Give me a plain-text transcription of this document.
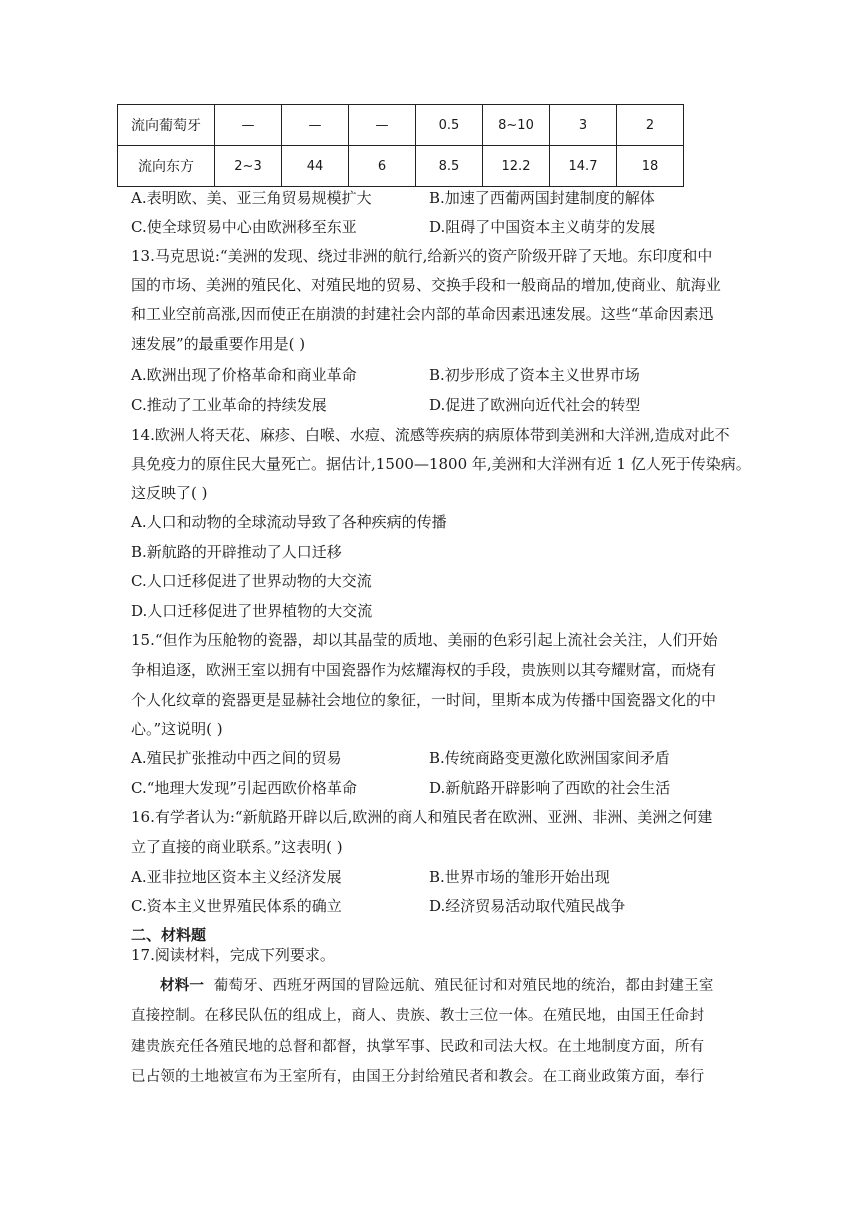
流向葡萄牙	—	—	—	0.5	8~10	3	2
流向东方	2~3	44	6	8.5	12.2	14.7	18
A.表明欧、美、亚三角贸易规模扩大	B.加速了西葡两国封建制度的解体
C.使全球贸易中心由欧洲移至东亚	D.阻碍了中国资本主义萌芽的发展
13.马克思说:“美洲的发现、绕过非洲的航行,给新兴的资产阶级开辟了天地。东印度和中
国的市场、美洲的殖民化、对殖民地的贸易、交换手段和一般商品的增加,使商业、航海业
和工业空前高涨,因而使正在崩溃的封建社会内部的革命因素迅速发展。这些“革命因素迅
速发展”的最重要作用是( )
A.欧洲出现了价格革命和商业革命	B.初步形成了资本主义世界市场
C.推动了工业革命的持续发展	D.促进了欧洲向近代社会的转型
14.欧洲人将天花、麻疹、白喉、水痘、流感等疾病的病原体带到美洲和大洋洲,造成对此不
具免疫力的原住民大量死亡。据估计,1500—1800 年,美洲和大洋洲有近 1 亿人死于传染病。
这反映了( )
A.人口和动物的全球流动导致了各种疾病的传播
B.新航路的开辟推动了人口迁移
C.人口迁移促进了世界动物的大交流
D.人口迁移促进了世界植物的大交流
15.“但作为压舱物的瓷器，却以其晶莹的质地、美丽的色彩引起上流社会关注，人们开始
争相追逐，欧洲王室以拥有中国瓷器作为炫耀海权的手段，贵族则以其夸耀财富，而烧有
个人化纹章的瓷器更是显赫社会地位的象征，一时间，里斯本成为传播中国瓷器文化的中
心。”这说明( )
A.殖民扩张推动中西之间的贸易	B.传统商路变更激化欧洲国家间矛盾
C.“地理大发现”引起西欧价格革命	D.新航路开辟影响了西欧的社会生活
16.有学者认为:“新航路开辟以后,欧洲的商人和殖民者在欧洲、亚洲、非洲、美洲之何建
立了直接的商业联系。”这表明( )
A.亚非拉地区资本主义经济发展	B.世界市场的雏形开始出现
C.资本主义世界殖民体系的确立	D.经济贸易活动取代殖民战争
二、材料题
17.阅读材料，完成下列要求。
材料一 葡萄牙、西班牙两国的冒险远航、殖民征讨和对殖民地的统治，都由封建王室
直接控制。在移民队伍的组成上，商人、贵族、教士三位一体。在殖民地，由国王任命封
建贵族充任各殖民地的总督和都督，执掌军事、民政和司法大权。在土地制度方面，所有
已占领的土地被宣布为王室所有，由国王分封给殖民者和教会。在工商业政策方面，奉行
